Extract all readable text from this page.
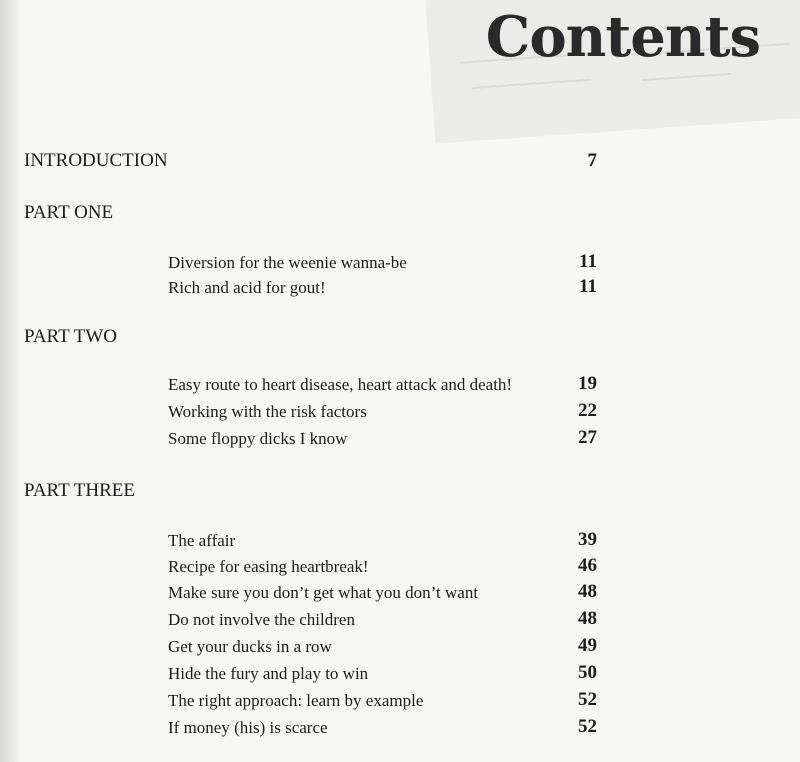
Contents
INTRODUCTION	7
PART ONE
Diversion for the weenie wanna-be	11
Rich and acid for gout!	11
PART TWO
Easy route to heart disease, heart attack and death!	19
Working with the risk factors	22
Some floppy dicks I know	27
PART THREE
The affair	39
Recipe for easing heartbreak!	46
Make sure you don’t get what you don’t want	48
Do not involve the children	48
Get your ducks in a row	49
Hide the fury and play to win	50
The right approach: learn by example	52
If money (his) is scarce	52
